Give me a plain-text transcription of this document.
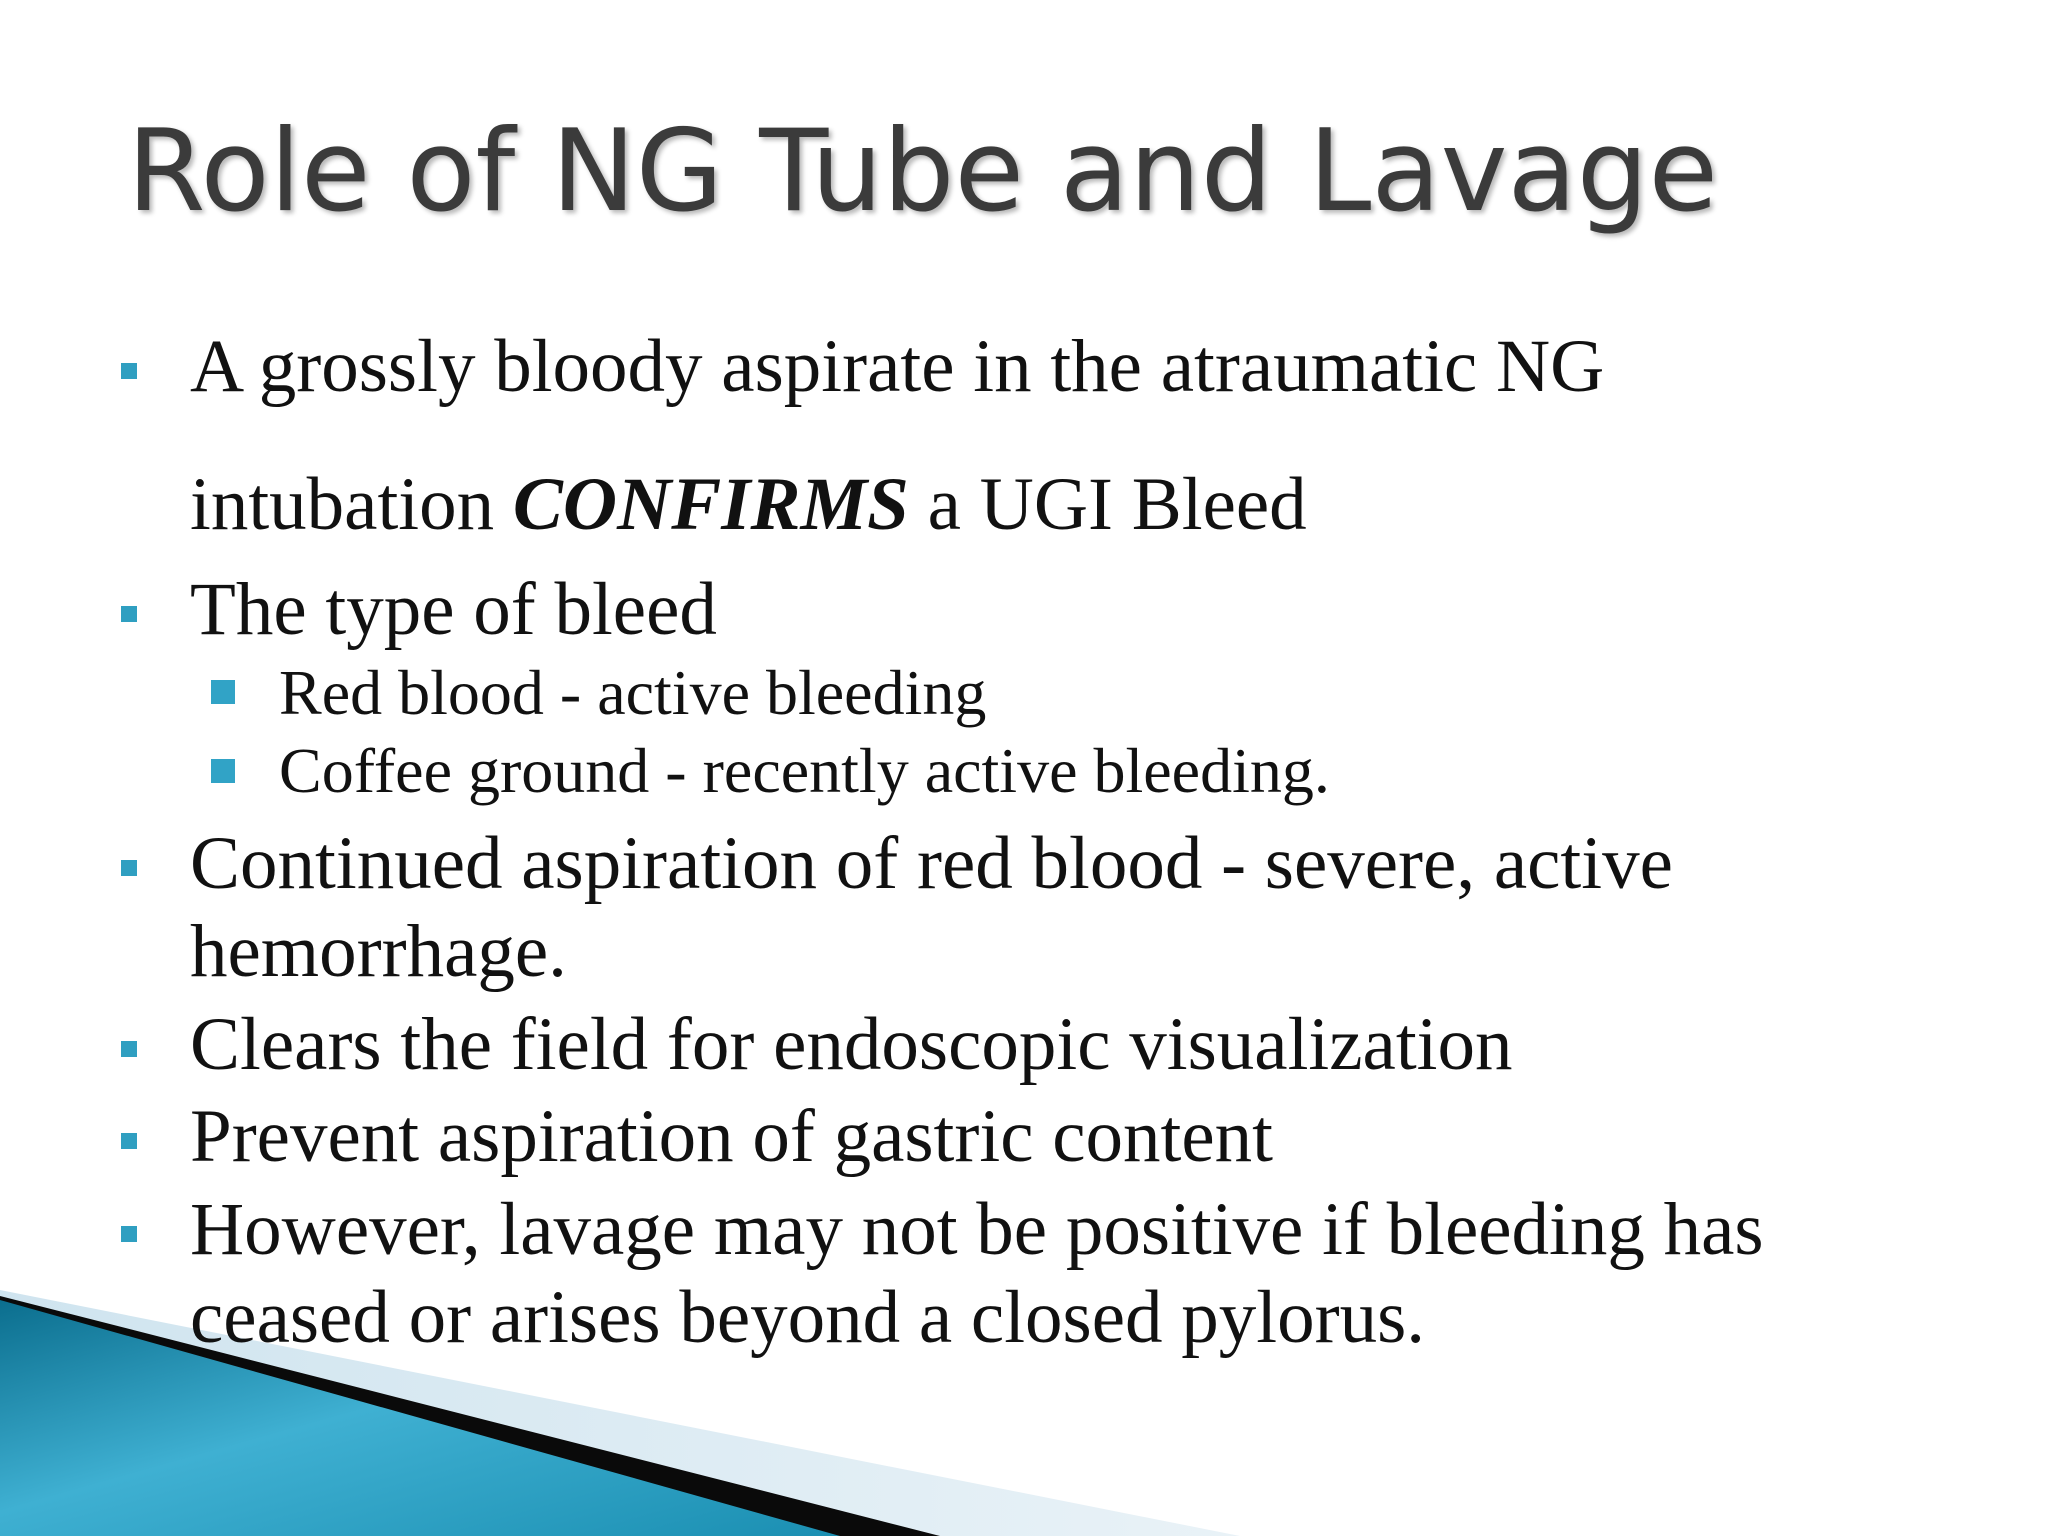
Role of NG Tube and Lavage
A grossly bloody aspirate in the atraumatic NG
intubation CONFIRMS a UGI Bleed
The type of bleed
Red blood - active bleeding
Coffee ground - recently active bleeding.
Continued aspiration of red blood - severe, active
hemorrhage.
Clears the field for endoscopic visualization
Prevent aspiration of gastric content
However, lavage may not be positive if bleeding has
ceased or arises beyond a closed pylorus.
